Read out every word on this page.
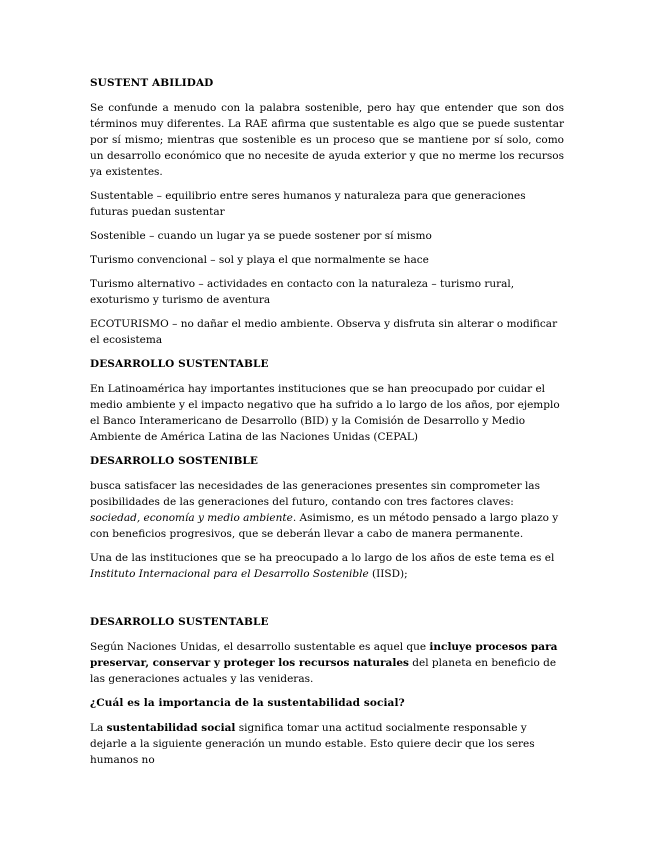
SUSTENT ABILIDAD

Se confunde a menudo con la palabra sostenible, pero hay que entender que son dos términos muy diferentes. La RAE afirma que sustentable es algo que se puede sustentar por sí mismo; mientras que sostenible es un proceso que se mantiene por sí solo, como un desarrollo económico que no necesite de ayuda exterior y que no merme los recursos ya existentes.

Sustentable – equilibrio entre seres humanos y naturaleza para que generaciones futuras puedan sustentar

Sostenible – cuando un lugar ya se puede sostener por sí mismo

Turismo convencional – sol y playa el que normalmente se hace

Turismo alternativo – actividades en contacto con la naturaleza – turismo rural, exoturismo y turismo de aventura

ECOTURISMO – no dañar el medio ambiente. Observa y disfruta sin alterar o modificar el ecosistema

DESARROLLO SUSTENTABLE

En Latinoamérica hay importantes instituciones que se han preocupado por cuidar el medio ambiente y el impacto negativo que ha sufrido a lo largo de los años, por ejemplo el Banco Interamericano de Desarrollo (BID) y la Comisión de Desarrollo y Medio Ambiente de América Latina de las Naciones Unidas (CEPAL)

DESARROLLO SOSTENIBLE

busca satisfacer las necesidades de las generaciones presentes sin comprometer las posibilidades de las generaciones del futuro, contando con tres factores claves: sociedad, economía y medio ambiente. Asimismo, es un método pensado a largo plazo y con beneficios progresivos, que se deberán llevar a cabo de manera permanente.

Una de las instituciones que se ha preocupado a lo largo de los años de este tema es el Instituto Internacional para el Desarrollo Sostenible (IISD);

DESARROLLO SUSTENTABLE

Según Naciones Unidas, el desarrollo sustentable es aquel que incluye procesos para preservar, conservar y proteger los recursos naturales del planeta en beneficio de las generaciones actuales y las venideras.

¿Cuál es la importancia de la sustentabilidad social?

La sustentabilidad social significa tomar una actitud socialmente responsable y dejarle a la siguiente generación un mundo estable. Esto quiere decir que los seres humanos no
